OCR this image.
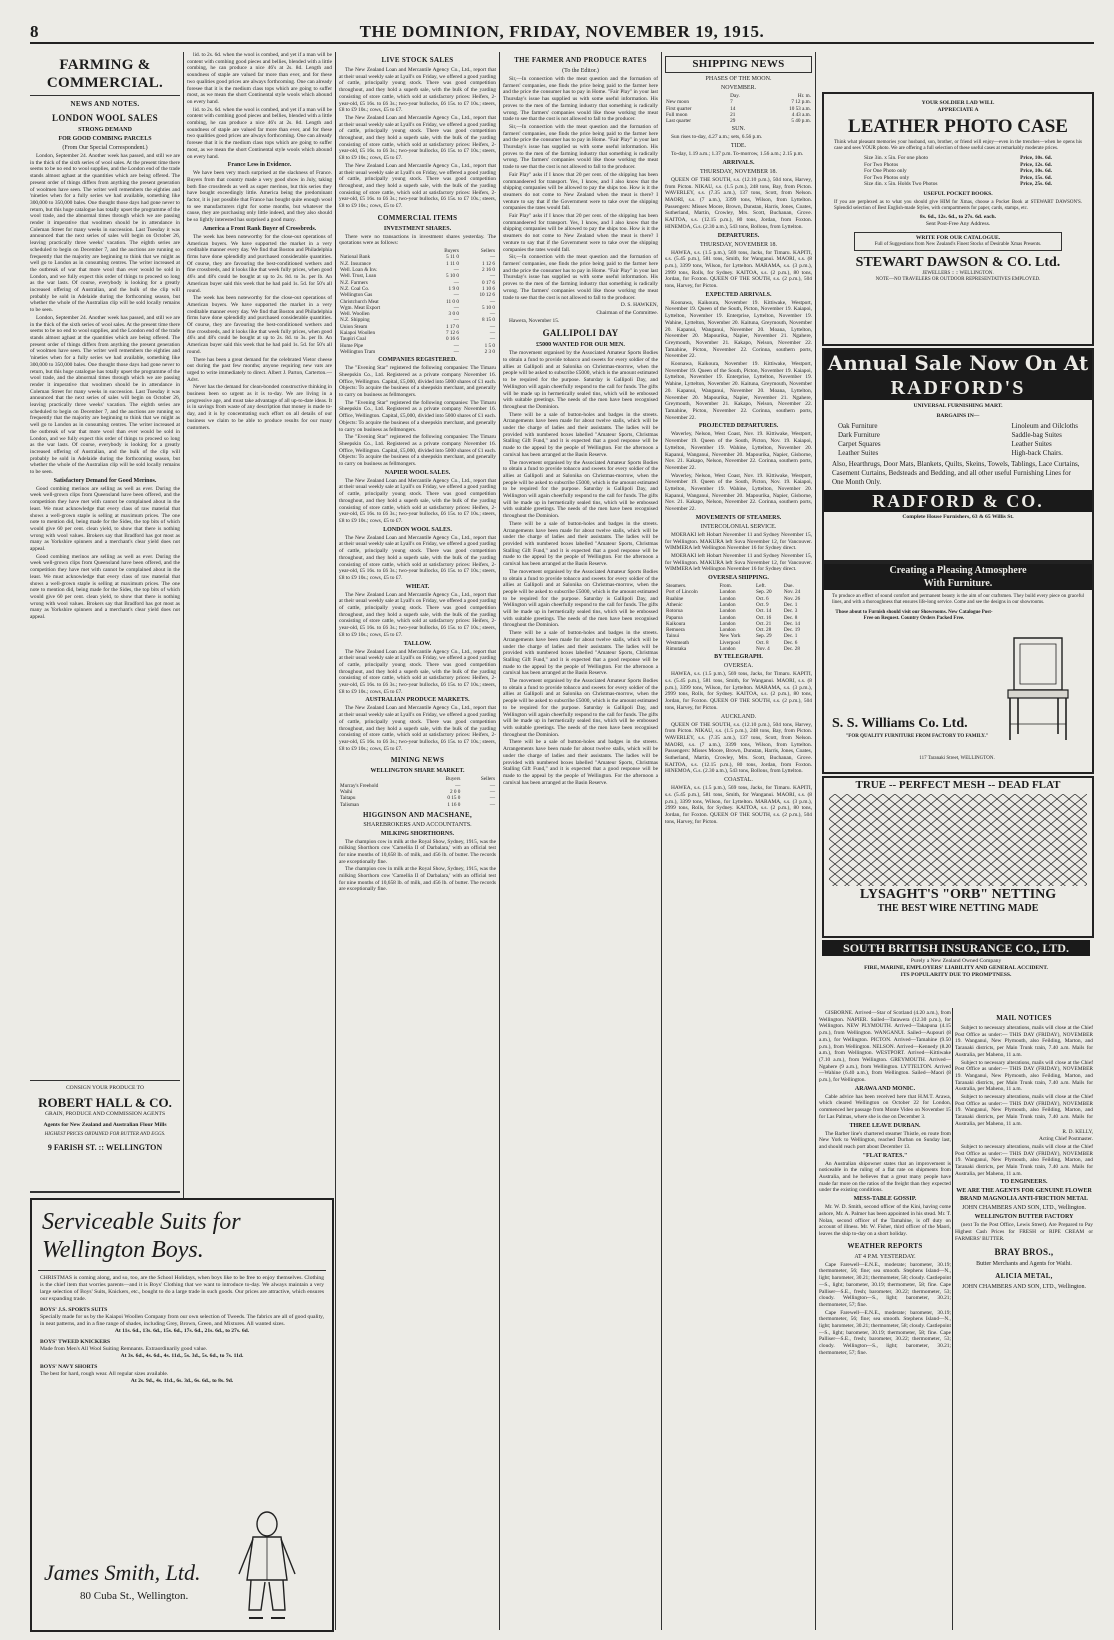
8	THE DOMINION, FRIDAY, NOVEMBER 19, 1915.
FARMING & COMMERCIAL.

NEWS AND NOTES.

LONDON WOOL SALES

STRONG DEMAND

FOR GOOD COMBING PARCELS

(From Our Special Correspondent.)

London, September 24. Another week has passed, and still we are in the thick of the sixth series of wool sales. At the present time there seems to be no end to wool supplies, and the London end of the trade stands almost aghast at the quantities which are being offered. The present order of things differs from anything the present generation of woolmen have seen. The writer well remembers the eighties and 'nineties when for a fully series we had available, something like 300,000 to 350,000 bales. One thought those days had gone never to return, but this huge catalogue has totally upset the programme of the wool trade, and the abnormal times through which we are passing render it imperative that woolmen should be in attendance in Coleman Street for many weeks in succession. Last Tuesday it was announced that the next series of sales will begin on October 26, leaving practically three weeks' vacation. The eighth series are scheduled to begin on December 7, and the auctions are running so frequently that the majority are beginning to think that we might as well go to London as in consuming centres. The writer increased at the outbreak of war that more wool than ever would be sold in London, and we fully expect this order of things to proceed so long as the war lasts. Of course, everybody is looking for a greatly increased offering of Australian, and the bulk of the clip will probably be sold in Adelaide during the forthcoming season, but whether the whole of the Australian clip will be sold locally remains to be seen.

London, September 24. Another week has passed, and still we are in the thick of the sixth series of wool sales. At the present time there seems to be no end to wool supplies, and the London end of the trade stands almost aghast at the quantities which are being offered. The present order of things differs from anything the present generation of woolmen have seen. The writer well remembers the eighties and 'nineties when for a fully series we had available, something like 300,000 to 350,000 bales. One thought those days had gone never to return, but this huge catalogue has totally upset the programme of the wool trade, and the abnormal times through which we are passing render it imperative that woolmen should be in attendance in Coleman Street for many weeks in succession. Last Tuesday it was announced that the next series of sales will begin on October 26, leaving practically three weeks' vacation. The eighth series are scheduled to begin on December 7, and the auctions are running so frequently that the majority are beginning to think that we might as well go to London as in consuming centres. The writer increased at the outbreak of war that more wool than ever would be sold in London, and we fully expect this order of things to proceed so long as the war lasts. Of course, everybody is looking for a greatly increased offering of Australian, and the bulk of the clip will probably be sold in Adelaide during the forthcoming season, but whether the whole of the Australian clip will be sold locally remains to be seen.

Satisfactory Demand for Good Merinos.

Good combing merinos are selling as well as ever. During the week well-grown clips from Queensland have been offered, and the competition they have met with cannot be complained about in the least. We must acknowledge that every class of raw material that shows a well-grown staple is selling at maximum prices. The one note to mention did, being made for the Sides, the top bits of which would give 60 per cent. clean yield, to show that there is nothing wrong with wool values. Brokers say that Bradford has got most as many as Yorkshire spinners and a merchant's clear yield does not appeal.

Good combing merinos are selling as well as ever. During the week well-grown clips from Queensland have been offered, and the competition they have met with cannot be complained about in the least. We must acknowledge that every class of raw material that shows a well-grown staple is selling at maximum prices. The one note to mention did, being made for the Sides, the top bits of which would give 60 per cent. clean yield, to show that there is nothing wrong with wool values. Brokers say that Bradford has got most as many as Yorkshire spinners and a merchant's clear yield does not appeal.

CONSIGN YOUR PRODUCE TO
ROBERT HALL & CO.
GRAIN, PRODUCE AND COMMISSION AGENTS
Agents for New Zealand and Australian Flour Mills
HIGHEST PRICES OBTAINED FOR BUTTER AND EGGS.
9 FARISH ST. :: WELLINGTON

lid. to 2s. 6d. when the wool is combed, and yet if a man will be content with combing good pieces and bellies, blended with a little combing, he can produce a nice 46's at 2s. 8d. Length and soundness of staple are valued far more than ever, and for these two qualities good prices are always forthcoming. One can already foresee that it is the medium class tops which are going to suffer most, as we mean the short Continental style wools which abound on every hand.

lid. to 2s. 6d. when the wool is combed, and yet if a man will be content with combing good pieces and bellies, blended with a little combing, he can produce a nice 46's at 2s. 8d. Length and soundness of staple are valued far more than ever, and for these two qualities good prices are always forthcoming. One can already foresee that it is the medium class tops which are going to suffer most, as we mean the short Continental style wools which abound on every hand.

France Less in Evidence.

We have been very much surprised at the slackness of France. Buyers from that country made a very good show in July, taking both fine crossbreds as well as super merinos, but this series they have bought exceedingly little. America being the predominant factor, it is just possible that France has bought quite enough wool to see manufacturers right for some months, but whatever the cause, they are purchasing only little indeed, and they also should be so lightly interested has surprised a good many.

America a Front Rank Buyer of Crossbreds.

The week has been noteworthy for the close-out operations of American buyers. We have supported the market in a very creditable manner every day. We find that Boston and Philadelphia firms have done splendidly and purchased considerable quantities. Of course, they are favouring the best-conditioned wethers and fine crossbreds, and it looks like that week fully prices, when good 46's and 48's could be bought at up to 2s. 8d. to 3s. per lb. An American buyer said this week that he had paid 1s. 5d. for 50's all round.

The week has been noteworthy for the close-out operations of American buyers. We have supported the market in a very creditable manner every day. We find that Boston and Philadelphia firms have done splendidly and purchased considerable quantities. Of course, they are favouring the best-conditioned wethers and fine crossbreds, and it looks like that week fully prices, when good 46's and 48's could be bought at up to 2s. 8d. to 3s. per lb. An American buyer said this week that he had paid 1s. 5d. for 50's all round.

There has been a great demand for the celebrated Vietor cheese out during the past few months; anyone requiring new vats are urged to write immediately to direct. Albert J. Parton, Carterton.—Advt.

Never has the demand for clean-bonded constructive thinking in business been so urgent as it is to-day. We are living in a progressive age, and must take advantage of all up-to-date ideas. It is in savings from waste of any description that money is made to-day, and it is by concentrating such effort on all details of our business we claim to be able to produce results for our many customers.

Serviceable Suits for
Wellington Boys.
CHRISTMAS is coming along, and so, too, are the School Holidays, when boys like to be free to enjoy themselves. Clothing is the chief item that worries parents—and it is Boys' Clothing that we want to introduce to-day. We always maintain a very large selection of Boys' Suits, Knickers, etc., bought to do a large trade in such goods. Our prices are attractive, which ensures our expanding trade.
BOYS' J.S. SPORTS SUITS
Specially made for us by the Kaiapoi Woollen Company from our own selection of Tweeds. The fabrics are all of good quality, in neat patterns, and in a fine range of shades, including Grey, Brown, Green, and Mixtures. All wanted sizes.
At 11s. 6d., 13s. 6d., 15s. 6d., 17s. 6d., 21s. 6d., to 27s. 6d.
BOYS' TWEED KNICKERS
Made from Men's All Wool Suiting Remnants. Extraordinarily good value.
At 3s. 6d., 4s. 6d., 4s. 11d., 5s. 3d., 5s. 6d., to 7s. 11d.
BOYS' NAVY SHORTS
The best for hard, rough wear. All regular sizes available.
At 2s. 9d., 4s. 11d., 6s. 3d., 6s. 6d., to 8s. 9d.
James Smith, Ltd.
80 Cuba St., Wellington.

LIVE STOCK SALES

The New Zealand Loan and Mercantile Agency Co., Ltd., report that at their usual weekly sale at Lyall's on Friday, we offered a good yarding of cattle, principally young stock. There was good competition throughout, and they hold a superb sale, with the bulk of the yarding consisting of store cattle, which sold at satisfactory prices: Heifers, 2-year-old, £5 16s. to £6 3s.; two-year bullocks, £6 15s. to £7 10s.; steers, £8 to £9 10s.; cows, £5 to £7.

The New Zealand Loan and Mercantile Agency Co., Ltd., report that at their usual weekly sale at Lyall's on Friday, we offered a good yarding of cattle, principally young stock. There was good competition throughout, and they hold a superb sale, with the bulk of the yarding consisting of store cattle, which sold at satisfactory prices: Heifers, 2-year-old, £5 16s. to £6 3s.; two-year bullocks, £6 15s. to £7 10s.; steers, £8 to £9 10s.; cows, £5 to £7.

The New Zealand Loan and Mercantile Agency Co., Ltd., report that at their usual weekly sale at Lyall's on Friday, we offered a good yarding of cattle, principally young stock. There was good competition throughout, and they hold a superb sale, with the bulk of the yarding consisting of store cattle, which sold at satisfactory prices: Heifers, 2-year-old, £5 16s. to £6 3s.; two-year bullocks, £6 15s. to £7 10s.; steers, £8 to £9 10s.; cows, £5 to £7.

COMMERCIAL ITEMS

INVESTMENT SHARES.

There were no transactions in investment shares yesterday. The quotations were as follows:

	Buyers	Sellers
National Bank	5 11 0	—
N.Z. Insurance	1 11 0	1 12 6
Well. Loan & Inv.	—	2 16 0
Well. Trust, Loan	5 10 0	—
N.Z. Farmers	—	0 17 6
N.Z. Coal Co.	1 9 0	1 10 6
Wellington Gas	—	10 12 6
Christchurch Meat	11 0 0	—
Wgtn. Meat Export	—	5 10 0
Well. Woollen	3 0 0	—
N.Z. Shipping	—	8 15 0
Union Steam	1 17 0	—
Kaiapoi Woollen	7 12 6	—
Taupiri Coal	0 16 6	—
Hume Pipe	—	1 5 0
Wellington Tram	—	2 3 0

COMPANIES REGISTERED.

The "Evening Star" registered the following companies: The Timaru Sheepskin Co., Ltd. Registered as a private company November 16. Office, Wellington. Capital, £5,000, divided into 5000 shares of £1 each. Objects: To acquire the business of a sheepskin merchant, and generally to carry on business as fellmongers.

The "Evening Star" registered the following companies: The Timaru Sheepskin Co., Ltd. Registered as a private company November 16. Office, Wellington. Capital, £5,000, divided into 5000 shares of £1 each. Objects: To acquire the business of a sheepskin merchant, and generally to carry on business as fellmongers.

The "Evening Star" registered the following companies: The Timaru Sheepskin Co., Ltd. Registered as a private company November 16. Office, Wellington. Capital, £5,000, divided into 5000 shares of £1 each. Objects: To acquire the business of a sheepskin merchant, and generally to carry on business as fellmongers.

NAPIER WOOL SALES.

The New Zealand Loan and Mercantile Agency Co., Ltd., report that at their usual weekly sale at Lyall's on Friday, we offered a good yarding of cattle, principally young stock. There was good competition throughout, and they hold a superb sale, with the bulk of the yarding consisting of store cattle, which sold at satisfactory prices: Heifers, 2-year-old, £5 16s. to £6 3s.; two-year bullocks, £6 15s. to £7 10s.; steers, £8 to £9 10s.; cows, £5 to £7.

LONDON WOOL SALES.

The New Zealand Loan and Mercantile Agency Co., Ltd., report that at their usual weekly sale at Lyall's on Friday, we offered a good yarding of cattle, principally young stock. There was good competition throughout, and they hold a superb sale, with the bulk of the yarding consisting of store cattle, which sold at satisfactory prices: Heifers, 2-year-old, £5 16s. to £6 3s.; two-year bullocks, £6 15s. to £7 10s.; steers, £8 to £9 10s.; cows, £5 to £7.

WHEAT.

The New Zealand Loan and Mercantile Agency Co., Ltd., report that at their usual weekly sale at Lyall's on Friday, we offered a good yarding of cattle, principally young stock. There was good competition throughout, and they hold a superb sale, with the bulk of the yarding consisting of store cattle, which sold at satisfactory prices: Heifers, 2-year-old, £5 16s. to £6 3s.; two-year bullocks, £6 15s. to £7 10s.; steers, £8 to £9 10s.; cows, £5 to £7.

TALLOW.

The New Zealand Loan and Mercantile Agency Co., Ltd., report that at their usual weekly sale at Lyall's on Friday, we offered a good yarding of cattle, principally young stock. There was good competition throughout, and they hold a superb sale, with the bulk of the yarding consisting of store cattle, which sold at satisfactory prices: Heifers, 2-year-old, £5 16s. to £6 3s.; two-year bullocks, £6 15s. to £7 10s.; steers, £8 to £9 10s.; cows, £5 to £7.

AUSTRALIAN PRODUCE MARKETS.

The New Zealand Loan and Mercantile Agency Co., Ltd., report that at their usual weekly sale at Lyall's on Friday, we offered a good yarding of cattle, principally young stock. There was good competition throughout, and they hold a superb sale, with the bulk of the yarding consisting of store cattle, which sold at satisfactory prices: Heifers, 2-year-old, £5 16s. to £6 3s.; two-year bullocks, £6 15s. to £7 10s.; steers, £8 to £9 10s.; cows, £5 to £7.

MINING NEWS

WELLINGTON SHARE MARKET.

	Buyers	Sellers
Murray's Freehold	—	—
Waihi	2 0 0	—
Taitapu	0 15 0	—
Talisman	1 16 0	—

HIGGINSON AND MACSHANE,

SHAREBROKERS AND ACCOUNTANTS.

MILKING SHORTHORNS.

The champion cow in milk at the Royal Show, Sydney, 1915, was the milking Shorthorn cow 'Camellia II of Darbalara,' with an official test for nine months of 10,658 lb. of milk, and 456 lb. of butter. The records are exceptionally fine.

The champion cow in milk at the Royal Show, Sydney, 1915, was the milking Shorthorn cow 'Camellia II of Darbalara,' with an official test for nine months of 10,658 lb. of milk, and 456 lb. of butter. The records are exceptionally fine.

THE FARMER AND PRODUCE RATES

(To the Editor.)

Sir,—In connection with the meat question and the formation of farmers' companies, one finds the price being paid to the farmer here and the price the consumer has to pay in Home. "Fair Play" in your last Thursday's issue has supplied us with some useful information. His proves to the men of the farming industry that something is radically wrong. The farmers' companies would like those working the meat trade to see that the cost is not allowed to fall to the producer.

Sir,—In connection with the meat question and the formation of farmers' companies, one finds the price being paid to the farmer here and the price the consumer has to pay in Home. "Fair Play" in your last Thursday's issue has supplied us with some useful information. His proves to the men of the farming industry that something is radically wrong. The farmers' companies would like those working the meat trade to see that the cost is not allowed to fall to the producer.

Fair Play" asks if I know that 20 per cent. of the shipping has been commandeered for transport. Yes, I know, and I also know that the shipping companies will be allowed to pay the ships too. How is it the steamers do not come to New Zealand when the meat is there? I venture to say that if the Government were to take over the shipping companies the rates would fall.

Fair Play" asks if I know that 20 per cent. of the shipping has been commandeered for transport. Yes, I know, and I also know that the shipping companies will be allowed to pay the ships too. How is it the steamers do not come to New Zealand when the meat is there? I venture to say that if the Government were to take over the shipping companies the rates would fall.

Sir,—In connection with the meat question and the formation of farmers' companies, one finds the price being paid to the farmer here and the price the consumer has to pay in Home. "Fair Play" in your last Thursday's issue has supplied us with some useful information. His proves to the men of the farming industry that something is radically wrong. The farmers' companies would like those working the meat trade to see that the cost is not allowed to fall to the producer.

D. S. HAWKEN,

Chairman of the Committee.

Hawera, November 15.

GALLIPOLI DAY

£5000 WANTED FOR OUR MEN.

The movement organised by the Associated Amateur Sports Bodies to obtain a fund to provide tobacco and sweets for every soldier of the allies at Gallipoli and at Salonika on Christmas-morrow, when the people will be asked to subscribe £5000, which is the amount estimated to be required for the purpose. Saturday is Gallipoli Day, and Wellington will again cheerfully respond to the call for funds. The gifts will be made up in hermetically sealed tins, which will be embossed with suitable greetings. The needs of the men have been recognised throughout the Dominion.

There will be a sale of button-holes and badges in the streets. Arrangements have been made for about twelve stalls, which will be under the charge of ladies and their assistants. The ladies will be provided with numbered boxes labelled "Amateur Sports, Christmas Stalling Gift Fund," and it is expected that a good response will be made to the appeal by the people of Wellington. For the afternoon a carnival has been arranged at the Basin Reserve.

The movement organised by the Associated Amateur Sports Bodies to obtain a fund to provide tobacco and sweets for every soldier of the allies at Gallipoli and at Salonika on Christmas-morrow, when the people will be asked to subscribe £5000, which is the amount estimated to be required for the purpose. Saturday is Gallipoli Day, and Wellington will again cheerfully respond to the call for funds. The gifts will be made up in hermetically sealed tins, which will be embossed with suitable greetings. The needs of the men have been recognised throughout the Dominion.

There will be a sale of button-holes and badges in the streets. Arrangements have been made for about twelve stalls, which will be under the charge of ladies and their assistants. The ladies will be provided with numbered boxes labelled "Amateur Sports, Christmas Stalling Gift Fund," and it is expected that a good response will be made to the appeal by the people of Wellington. For the afternoon a carnival has been arranged at the Basin Reserve.

The movement organised by the Associated Amateur Sports Bodies to obtain a fund to provide tobacco and sweets for every soldier of the allies at Gallipoli and at Salonika on Christmas-morrow, when the people will be asked to subscribe £5000, which is the amount estimated to be required for the purpose. Saturday is Gallipoli Day, and Wellington will again cheerfully respond to the call for funds. The gifts will be made up in hermetically sealed tins, which will be embossed with suitable greetings. The needs of the men have been recognised throughout the Dominion.

There will be a sale of button-holes and badges in the streets. Arrangements have been made for about twelve stalls, which will be under the charge of ladies and their assistants. The ladies will be provided with numbered boxes labelled "Amateur Sports, Christmas Stalling Gift Fund," and it is expected that a good response will be made to the appeal by the people of Wellington. For the afternoon a carnival has been arranged at the Basin Reserve.

The movement organised by the Associated Amateur Sports Bodies to obtain a fund to provide tobacco and sweets for every soldier of the allies at Gallipoli and at Salonika on Christmas-morrow, when the people will be asked to subscribe £5000, which is the amount estimated to be required for the purpose. Saturday is Gallipoli Day, and Wellington will again cheerfully respond to the call for funds. The gifts will be made up in hermetically sealed tins, which will be embossed with suitable greetings. The needs of the men have been recognised throughout the Dominion.

There will be a sale of button-holes and badges in the streets. Arrangements have been made for about twelve stalls, which will be under the charge of ladies and their assistants. The ladies will be provided with numbered boxes labelled "Amateur Sports, Christmas Stalling Gift Fund," and it is expected that a good response will be made to the appeal by the people of Wellington. For the afternoon a carnival has been arranged at the Basin Reserve.

SHIPPING NEWS

PHASES OF THE MOON.

NOVEMBER.

	Day.	Hr. m.
New moon	7	7 12 p.m.
First quarter	14	10 53 a.m.
Full moon	21	4 43 a.m.
Last quarter	29	5 40 p.m.

SUN.

Sun rises to-day, 4.27 a.m.; sets, 6.56 p.m.

TIDE.

To-day, 1.19 a.m.; 1.37 p.m. To-morrow, 1.56 a.m.; 2.15 p.m.

ARRIVALS.

THURSDAY, NOVEMBER 18.

QUEEN OF THE SOUTH, s.s. (12.10 p.m.), 504 tons, Harvey, from Picton. NIKAU, s.s. (1.5 p.m.), 248 tons, Bay, from Picton. WAVERLEY, s.s. (7.35 a.m.), 137 tons, Scott, from Nelson. MAORI, s.s. (7 a.m.), 3399 tons, Wilson, from Lyttelton. Passengers: Misses Moore, Brown, Dunstan, Harris, Jones, Coates, Sutherland, Martin, Crowley, Mrs. Scott, Buchanan, Grove. KAITOA, s.s. (12.15 p.m.), 80 tons, Jordan, from Foxton. HINEMOA, G.s. (2.30 a.m.), 543 tons, Bollons, from Lyttelton.

DEPARTURES.

THURSDAY, NOVEMBER 18.

HAWEA, s.s. (1.5 p.m.), 569 tons, Jacks, for Timaru. KAPITI, s.s. (5.45 p.m.), 581 tons, Smith, for Wanganui. MAORI, s.s. (8 p.m.), 3399 tons, Wilson, for Lyttelton. MARAMA, s.s. (3 p.m.), 2999 tons, Rolls, for Sydney. KAITOA, s.s. (2 p.m.), 80 tons, Jordan, for Foxton. QUEEN OF THE SOUTH, s.s. (2 p.m.), 504 tons, Harvey, for Picton.

EXPECTED ARRIVALS.

Koonawa, Kaikoura, November 19. Kittiwake, Westport, November 19. Queen of the South, Picton, November 19. Kaiapoi, Lyttelton, November 19. Enterprise, Lyttelton, November 19. Wahine, Lyttelton, November 20. Kaituna, Greymouth, November 20. Kapanui, Wanganui, November 20. Moana, Lyttelton, November 20. Mapourika, Napier, November 21. Ngahere, Greymouth, November 21. Kakapo, Nelson, November 22. Tamahine, Picton, November 22. Corinna, southern ports, November 22.

Koonawa, Kaikoura, November 19. Kittiwake, Westport, November 19. Queen of the South, Picton, November 19. Kaiapoi, Lyttelton, November 19. Enterprise, Lyttelton, November 19. Wahine, Lyttelton, November 20. Kaituna, Greymouth, November 20. Kapanui, Wanganui, November 20. Moana, Lyttelton, November 20. Mapourika, Napier, November 21. Ngahere, Greymouth, November 21. Kakapo, Nelson, November 22. Tamahine, Picton, November 22. Corinna, southern ports, November 22.

PROJECTED DEPARTURES.

Waverley, Nelson, West Coast, Nov. 19. Kittiwake, Westport, November 19. Queen of the South, Picton, Nov. 19. Kaiapoi, Lyttelton, November 19. Wahine, Lyttelton, November 20. Kapanui, Wanganui, November 20. Mapourika, Napier, Gisborne, Nov. 21. Kakapo, Nelson, November 22. Corinna, southern ports, November 22.

Waverley, Nelson, West Coast, Nov. 19. Kittiwake, Westport, November 19. Queen of the South, Picton, Nov. 19. Kaiapoi, Lyttelton, November 19. Wahine, Lyttelton, November 20. Kapanui, Wanganui, November 20. Mapourika, Napier, Gisborne, Nov. 21. Kakapo, Nelson, November 22. Corinna, southern ports, November 22.

MOVEMENTS OF STEAMERS.

INTERCOLONIAL SERVICE.

MOERAKI left Hobart November 11 and Sydney November 15, for Wellington. MAKURA left Suva November 12, for Vancouver. WIMMERA left Wellington November 16 for Sydney direct.

MOERAKI left Hobart November 11 and Sydney November 15, for Wellington. MAKURA left Suva November 12, for Vancouver. WIMMERA left Wellington November 16 for Sydney direct.

OVERSEA SHIPPING.

Steamers.	From.	Left.	Due.
Port of Lincoln	London	Sep. 20	Nov. 24
Ruahine	London	Oct. 6	Nov. 26
Athenic	London	Oct. 9	Dec. 1
Rotorua	London	Oct. 14	Dec. 3
Paparoa	London	Oct. 16	Dec. 8
Kaikoura	London	Oct. 21	Dec. 14
Remuera	London	Oct. 28	Dec. 19
Tainui	New York	Sep. 29	Dec. 1
Westmeath	Liverpool	Oct. 8	Dec. 6
Rimutaka	London	Nov. 4	Dec. 28

BY TELEGRAPH.

OVERSEA.

HAWEA, s.s. (1.5 p.m.), 569 tons, Jacks, for Timaru. KAPITI, s.s. (5.45 p.m.), 581 tons, Smith, for Wanganui. MAORI, s.s. (8 p.m.), 3399 tons, Wilson, for Lyttelton. MARAMA, s.s. (3 p.m.), 2999 tons, Rolls, for Sydney. KAITOA, s.s. (2 p.m.), 80 tons, Jordan, for Foxton. QUEEN OF THE SOUTH, s.s. (2 p.m.), 504 tons, Harvey, for Picton.

AUCKLAND.

QUEEN OF THE SOUTH, s.s. (12.10 p.m.), 504 tons, Harvey, from Picton. NIKAU, s.s. (1.5 p.m.), 248 tons, Bay, from Picton. WAVERLEY, s.s. (7.35 a.m.), 137 tons, Scott, from Nelson. MAORI, s.s. (7 a.m.), 3399 tons, Wilson, from Lyttelton. Passengers: Misses Moore, Brown, Dunstan, Harris, Jones, Coates, Sutherland, Martin, Crowley, Mrs. Scott, Buchanan, Grove. KAITOA, s.s. (12.15 p.m.), 80 tons, Jordan, from Foxton. HINEMOA, G.s. (2.30 a.m.), 543 tons, Bollons, from Lyttelton.

COASTAL.

HAWEA, s.s. (1.5 p.m.), 569 tons, Jacks, for Timaru. KAPITI, s.s. (5.45 p.m.), 581 tons, Smith, for Wanganui. MAORI, s.s. (8 p.m.), 3399 tons, Wilson, for Lyttelton. MARAMA, s.s. (3 p.m.), 2999 tons, Rolls, for Sydney. KAITOA, s.s. (2 p.m.), 80 tons, Jordan, for Foxton. QUEEN OF THE SOUTH, s.s. (2 p.m.), 504 tons, Harvey, for Picton.

YOUR SOLDIER LAD WILL
APPRECIATE A
LEATHER PHOTO CASE
Think what pleasant memories your husband, son, brother, or friend will enjoy—even in the trenches—when he opens his case and sees YOUR photo. We are offering a full selection of these useful cases at remarkably moderate prices.
Size 3in. x 5in. For one photo	Price, 10s. 6d.
For Two Photos	Price, 12s. 6d.
For One Photo only	Price, 10s. 6d.
For Two Photos only	Price, 15s. 6d.
Size 4in. x 5in. Holds Two Photos	Price, 25s. 6d.
USEFUL POCKET BOOKS.
If you are perplexed as to what you should give HIM for Xmas, choose a Pocket Book at STEWART DAWSON'S. Splendid selection of Best English-made Styles, with compartments for paper, cards, stamps, etc.
8s. 6d., 12s. 6d., to 27s. 6d. each.
Sent Post-Free Any Address.
WRITE FOR OUR CATALOGUE.
Full of Suggestions from New Zealand's Finest Stocks of Desirable Xmas Presents.
STEWART DAWSON & CO. Ltd.
JEWELLERS :: :: WELLINGTON.
NOTE—NO TRAVELERS OR OUTDOOR REPRESENTATIVES EMPLOYED.
Annual Sale Now On At
RADFORD'S
UNIVERSAL FURNISHING MART.
BARGAINS IN—
Oak Furniture
Dark Furniture
Carpet Squares
Leather Suites
Linoleum and Oilcloths
Saddle-bag Suites
Leather Suites
High-back Chairs.
Also, Hearthrugs, Door Mats, Blankets, Quilts, Skeins, Towels, Tablings, Lace Curtains, Casement Curtains, Bedsteads and Bedding, and all other useful Furnishing Lines for One Month Only.
RADFORD & CO.
Complete House Furnishers, 63 & 65 Willis St.
Creating a Pleasing Atmosphere
With Furniture.
To produce an effect of sound comfort and permanent beauty is the aim of our craftsmen. They build every piece on graceful lines, and with a thoroughness that ensures life-long service. Come and see the designs in our showrooms.
Those about to Furnish should visit our Showrooms. New Catalogue Post-Free on Request. Country Orders Packed Free.
S. S. Williams Co. Ltd.
"FOR QUALITY FURNITURE FROM FACTORY TO FAMILY."
117 Taranaki Street, WELLINGTON.
TRUE -- PERFECT MESH -- DEAD FLAT
LYSAGHT'S "ORB" NETTING
THE BEST WIRE NETTING MADE
SOUTH BRITISH INSURANCE CO., LTD.
Purely a New Zealand Owned Company
FIRE, MARINE, EMPLOYERS' LIABILITY AND GENERAL ACCIDENT.
ITS POPULARITY DUE TO PROMPTNESS.

MAIL NOTICES

Subject to necessary alterations, mails will close at the Chief Post Office as under:— THIS DAY (FRIDAY), NOVEMBER 19. Wanganui, New Plymouth, also Feilding, Marton, and Taranaki districts, per Main Trunk train, 7.40 a.m. Mails for Australia, per Maheno, 11 a.m.

Subject to necessary alterations, mails will close at the Chief Post Office as under:— THIS DAY (FRIDAY), NOVEMBER 19. Wanganui, New Plymouth, also Feilding, Marton, and Taranaki districts, per Main Trunk train, 7.40 a.m. Mails for Australia, per Maheno, 11 a.m.

Subject to necessary alterations, mails will close at the Chief Post Office as under:— THIS DAY (FRIDAY), NOVEMBER 19. Wanganui, New Plymouth, also Feilding, Marton, and Taranaki districts, per Main Trunk train, 7.40 a.m. Mails for Australia, per Maheno, 11 a.m.

R. D. KELLY,

Acting Chief Postmaster.

Subject to necessary alterations, mails will close at the Chief Post Office as under:— THIS DAY (FRIDAY), NOVEMBER 19. Wanganui, New Plymouth, also Feilding, Marton, and Taranaki districts, per Main Trunk train, 7.40 a.m. Mails for Australia, per Maheno, 11 a.m.

TO ENGINEERS.

WE ARE THE AGENTS FOR GENUINE FLOWER BRAND MAGNOLIA ANTI-FRICTION METAL

JOHN CHAMBERS AND SON, LTD., Wellington.

WELLINGTON BUTTER FACTORY

(next To the Post Office, Lewis Street). Are Prepared to Pay Highest Cash Prices for FRESH or RIPE CREAM or FARMERS' BUTTER.

BRAY BROS.,

Butter Merchants and Agents for Waihi.

ALICIA METAL,

JOHN CHAMBERS AND SON, LTD., Wellington.

GISBORNE. Arrived—Star of Scotland (4.20 a.m.), from Wellington. NAPIER. Sailed—Tarawera (12.30 p.m.), for Wellington. NEW PLYMOUTH. Arrived—Takapuna (4.15 p.m.), from Wellington. WANGANUI. Sailed—Aupouri (8 a.m.), for Wellington. PICTON. Arrived—Tamahine (9.50 p.m.), from Wellington. NELSON. Arrived—Kennedy (8.20 a.m.), from Wellington. WESTPORT. Arrived—Kittiwake (7.10 a.m.), from Wellington. GREYMOUTH. Arrived—Ngahere (9 a.m.), from Wellington. LYTTELTON. Arrived—Wahine (6.40 a.m.), from Wellington. Sailed—Maori (8 p.m.), for Wellington.

ARAWA AND MONIC.

Cable advice has been received here that H.M.T. Arawa, which cleared Wellington on October 22 for London, commenced her passage from Monte Video on November 15 for Las Palmas, where she is due on December 3.

THREE LEAVE DURBAN.

The Barber line's chartered steamer Thistle, en route from New York to Wellington, reached Durban on Sunday last, and should reach port about December 13.

"FLAT RATES."

An Australian shipowner states that an improvement is noticeable in the ruling of a flat rate on shipments from Australia, and he believes that a great many people have made far more on the ratios of the freight than they expected under the existing conditions.

MESS-TABLE GOSSIP.

Mr. W. D. Smith, second officer of the Kini, having come ashore, Mr. A. Palmer has been appointed in his stead. Mr. T. Nolan, second officer of the Tamahine, is off duty on account of illness. Mr. W. Fisher, third officer of the Maori, leaves the ship to-day on a short holiday.

WEATHER REPORTS

AT 4 P.M. YESTERDAY.

Cape Farewell—E.N.E., moderate; barometer, 30.19; thermometer, 56; fine; sea smooth. Stephens Island—N., light; barometer, 30.21; thermometer, 58; cloudy. Castlepoint—S., light; barometer, 30.19; thermometer, 58; fine. Cape Palliser—S.E., fresh; barometer, 30.22; thermometer, 53; cloudy. Wellington—S., light; barometer, 30.21; thermometer, 57; fine.

Cape Farewell—E.N.E., moderate; barometer, 30.19; thermometer, 56; fine; sea smooth. Stephens Island—N., light; barometer, 30.21; thermometer, 58; cloudy. Castlepoint—S., light; barometer, 30.19; thermometer, 58; fine. Cape Palliser—S.E., fresh; barometer, 30.22; thermometer, 53; cloudy. Wellington—S., light; barometer, 30.21; thermometer, 57; fine.
